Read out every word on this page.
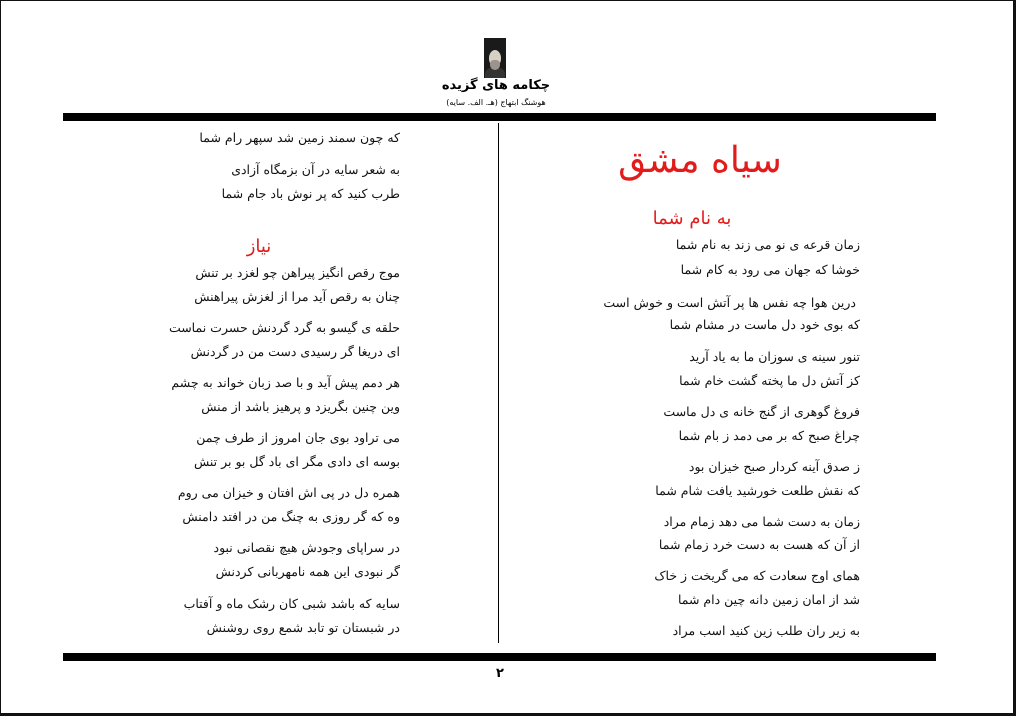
چکامه های گزیده
هوشنگ ابتهاج (هـ. الف. سایه)
سیاه مشق
به نام شما
زمان قرعه ی نو می زند به نام شما
خوشا که جهان می رود به کام شما
درین هوا چه نفس ها پر آتش است و خوش است
که بوی خود دل ماست در مشام شما
تنور سینه ی سوزان ما به یاد آرید
کز آتش دل ما پخته گشت خام شما
فروغ گوهری از گنج خانه ی دل ماست
چراغ صبح که بر می دمد ز بام شما
ز صدق آینه کردار صبح خیزان بود
که نقش طلعت خورشید یافت شام شما
زمان به دست شما می دهد زمام مراد
از آن که هست به دست خرد زمام شما
همای اوج سعادت که می گریخت ز خاک
شد از امان زمین دانه چین دام شما
به زیر ران طلب زین کنید اسب مراد
که چون سمند زمین شد سپهر رام شما
به شعر سایه در آن بزمگاه آزادی
طرب کنید که پر نوش باد جام شما
موج رقص انگیز پیراهن چو لغزد بر تنش
چنان به رقص آید مرا از لغزش پیراهنش
حلقه ی گیسو به گرد گردنش حسرت نماست
ای دریغا گر رسیدی دست من در گردنش
هر دمم پیش آید و با صد زبان خواند به چشم
وین چنین بگریزد و پرهیز باشد از منش
می تراود بوی جان امروز از طرف چمن
بوسه ای دادی مگر ای باد گل بو بر تنش
همره دل در پی اش افتان و خیزان می روم
وه که گر روزی به چنگ من در افتد دامنش
در سراپای وجودش هیچ نقصانی نبود
گر نبودی این همه نامهربانی کردنش
سایه که باشد شبی کان رشک ماه و آفتاب
در شبستان تو تابد شمع روی روشنش
نیاز
۲
